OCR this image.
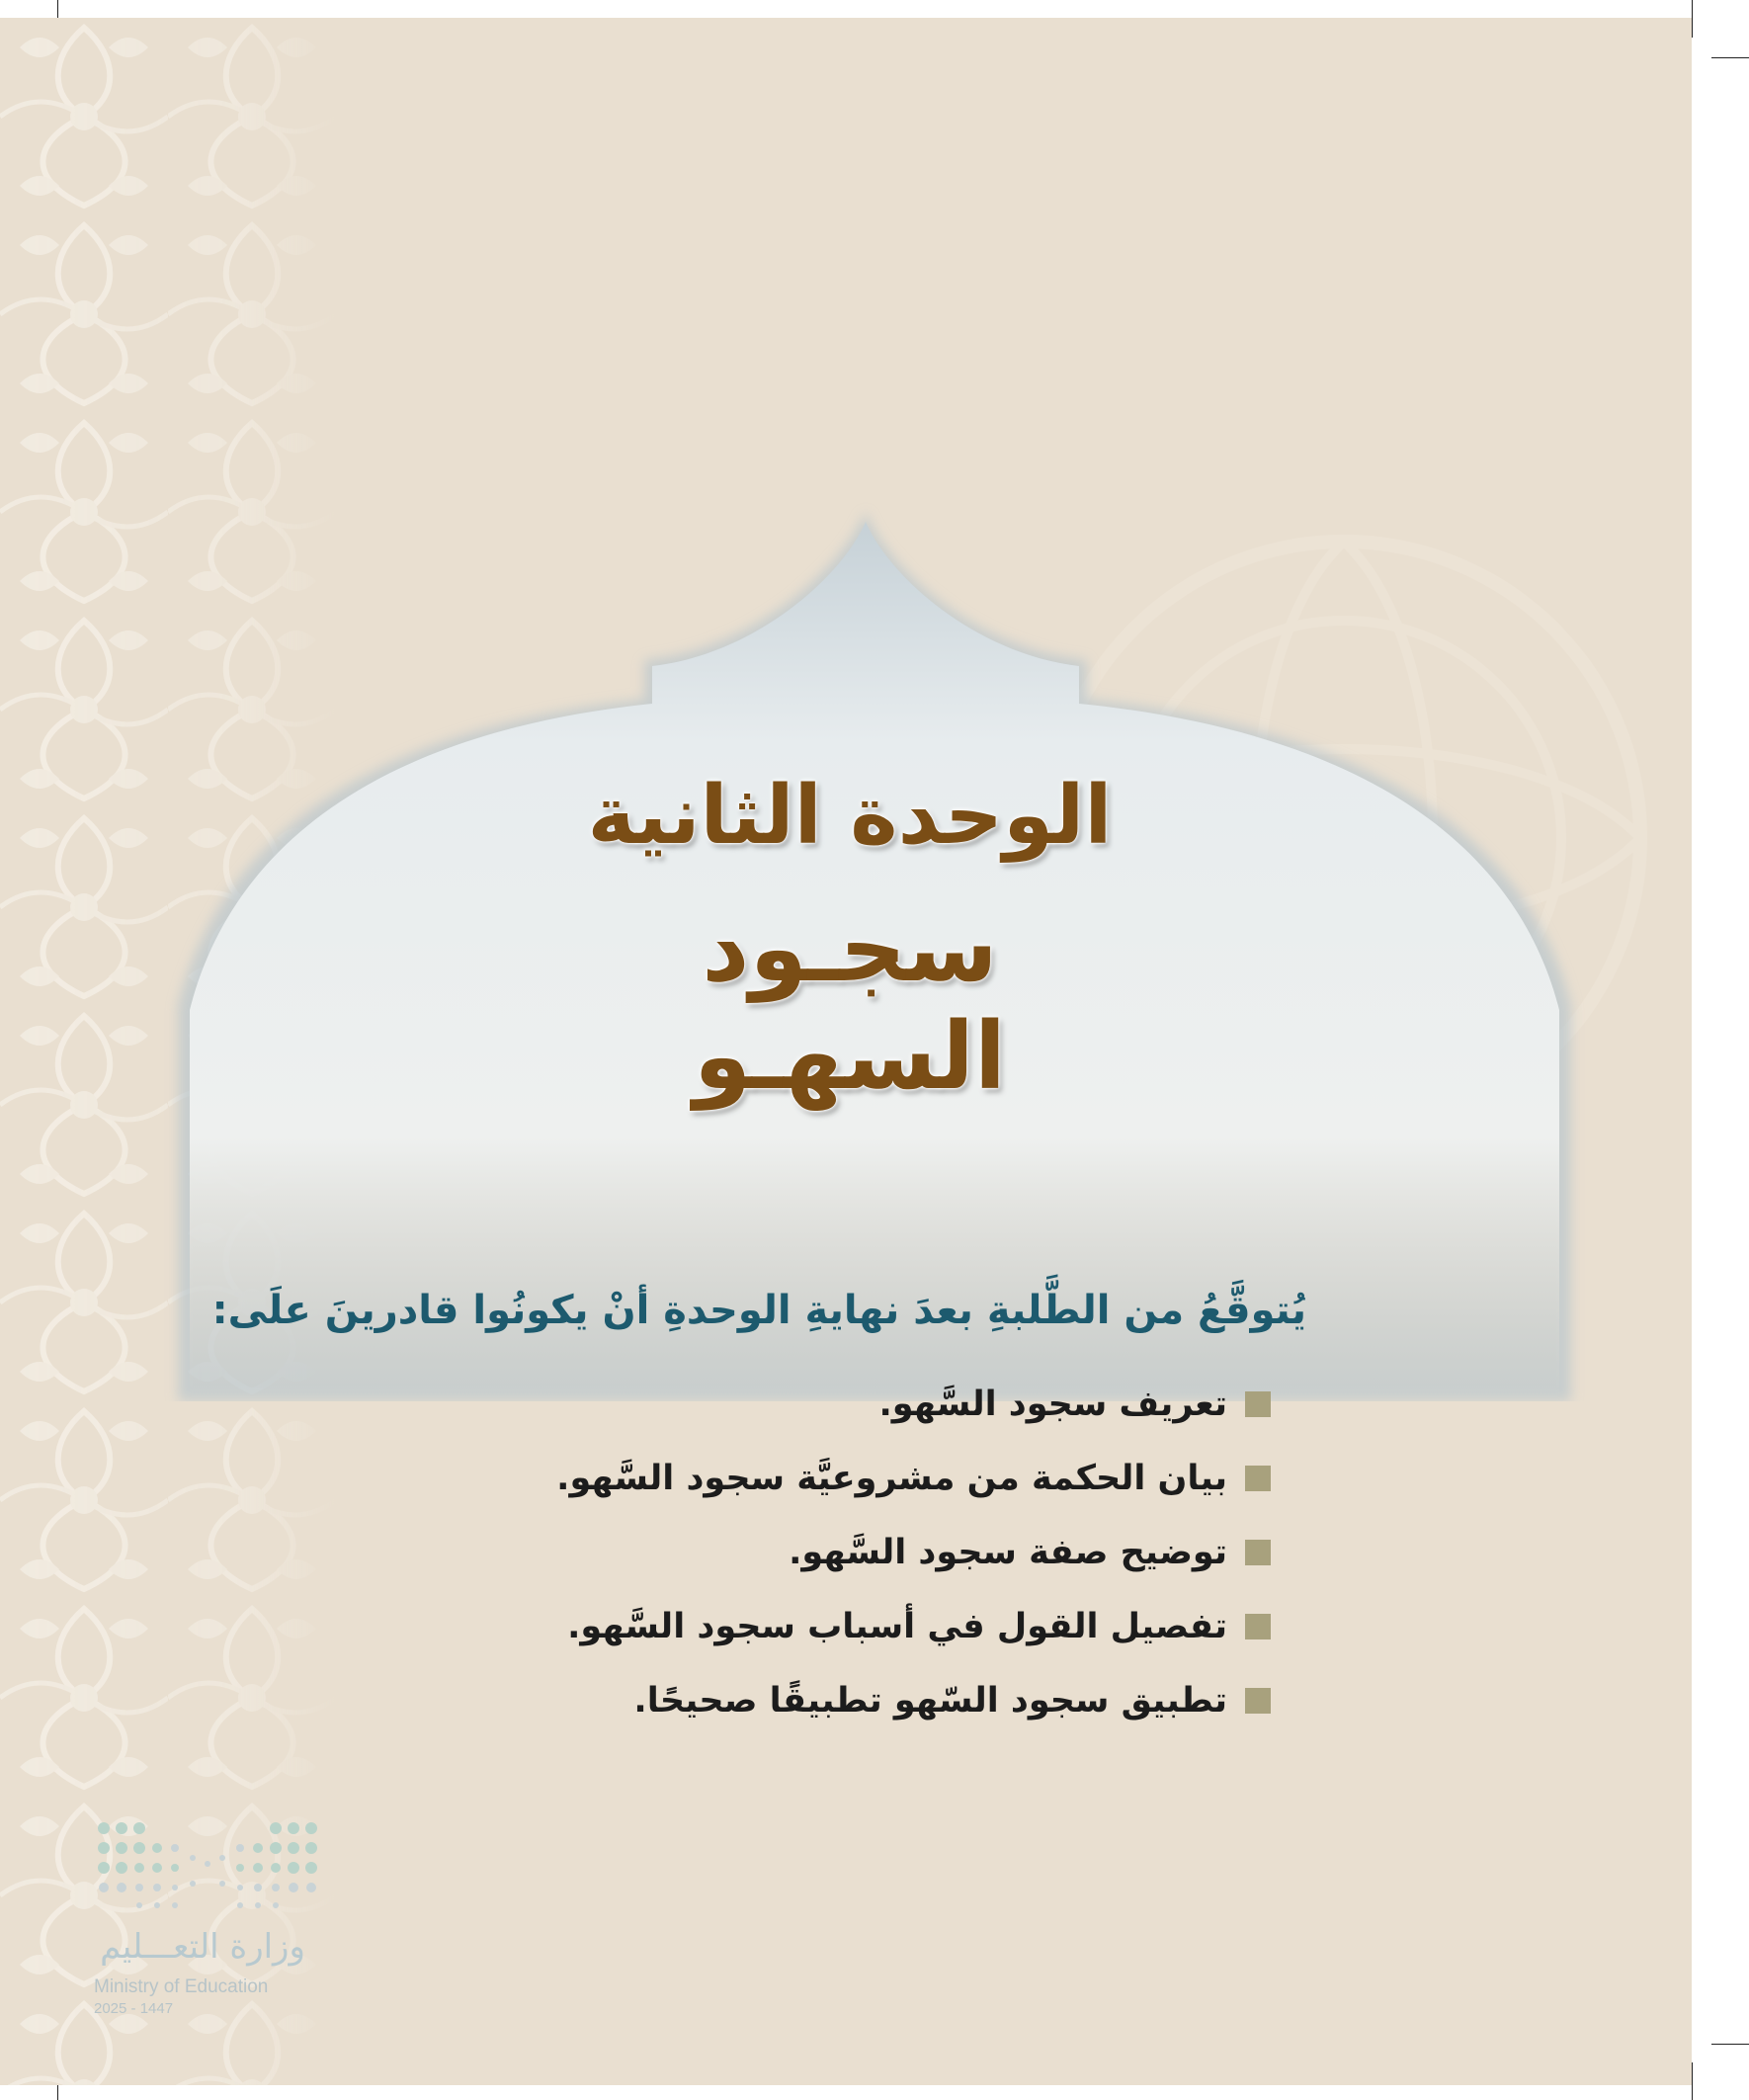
الوحدة الثانية
سجـود السهـو
يُتوقَّعُ من الطَّلبةِ بعدَ نهايةِ الوحدةِ أنْ يكونُوا قادرينَ علَى:
تعريف سجود السَّهو.
بيان الحكمة من مشروعيَّة سجود السَّهو.
توضيح صفة سجود السَّهو.
تفصيل القول في أسباب سجود السَّهو.
تطبيق سجود السّهو تطبيقًا صحيحًا.
وزارة التعـــليم
Ministry of Education
2025 - 1447
